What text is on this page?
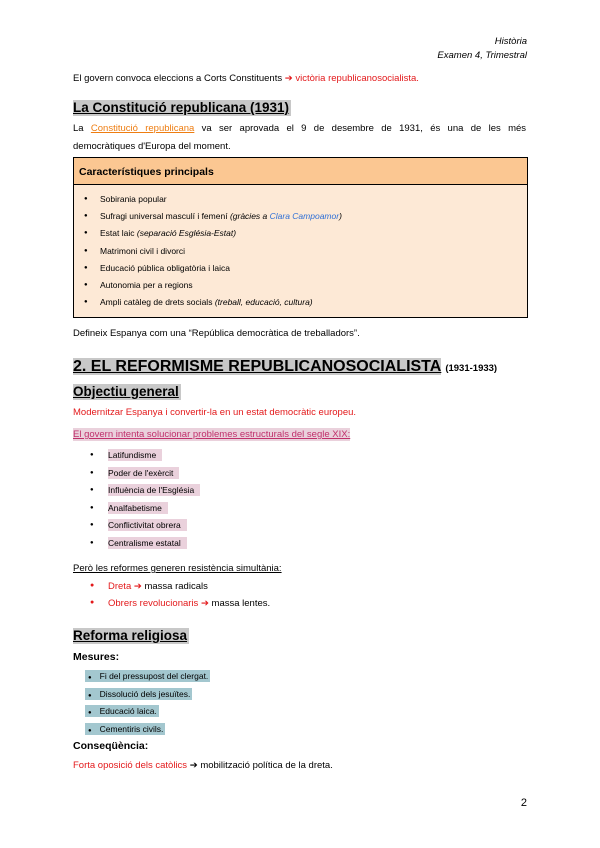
Història
Examen 4, Trimestral
El govern convoca eleccions a Corts Constituents ➔ victòria republicanosocialista.
La Constitució republicana (1931)
La Constitució republicana va ser aprovada el 9 de desembre de 1931, és una de les més
democràtiques d'Europa del moment.
Característiques principals
● Sobirania popular
● Sufragi universal masculí i femení (gràcies a Clara Campoamor)
● Estat laic (separació Església-Estat)
● Matrimoni civil i divorci
● Educació pública obligatòria i laica
● Autonomia per a regions
● Ampli catàleg de drets socials (treball, educació, cultura)
Defineix Espanya com una “República democràtica de treballadors”.
2. EL REFORMISME REPUBLICANOSOCIALISTA (1931-1933)
Objectiu general
Modernitzar Espanya i convertir-la en un estat democràtic europeu.
El govern intenta solucionar problemes estructurals del segle XIX:
● Latifundisme
● Poder de l'exèrcit
● Influència de l'Església
● Analfabetisme
● Conflictivitat obrera
● Centralisme estatal
Però les reformes generen resistència simultània:
● Dreta ➔ massa radicals
● Obrers revolucionaris ➔ massa lentes.
Reforma religiosa
Mesures:
● Fi del pressupost del clergat.
● Dissolució dels jesuïtes.
● Educació laica.
● Cementiris civils.
Conseqüència:
Forta oposició dels catòlics ➔ mobilització política de la dreta.
2
